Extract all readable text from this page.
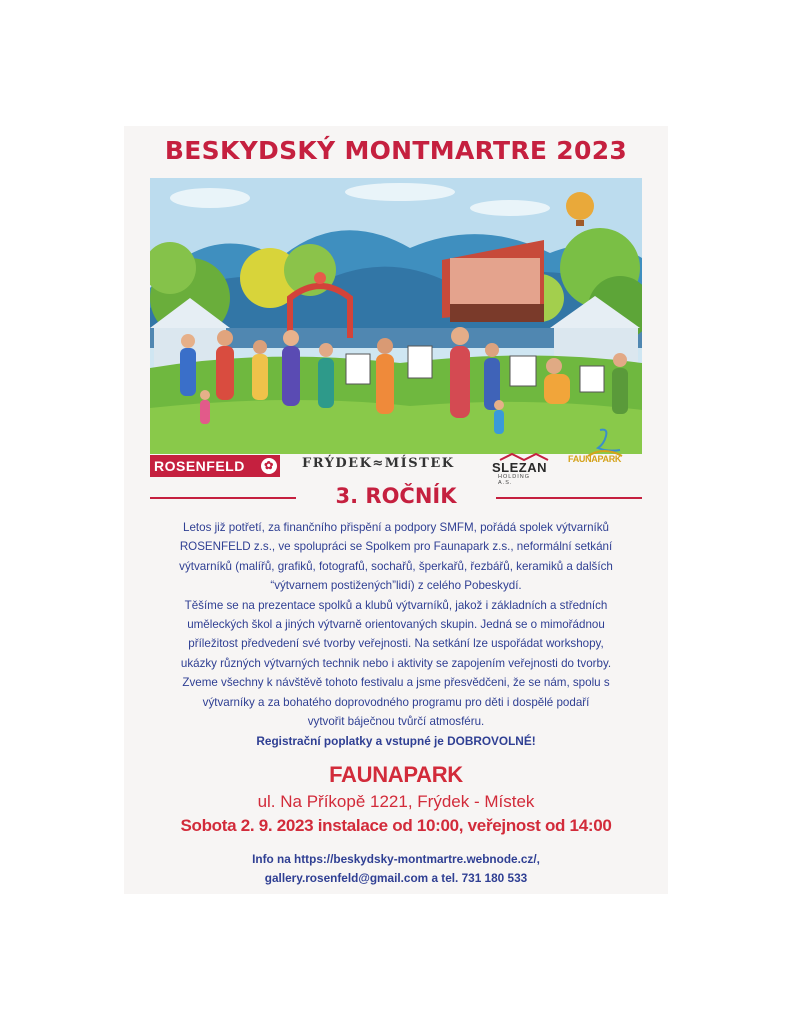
BESKYDSKÝ MONTMARTRE 2023
ROSENFELD ✿ FRÝDEK≈MÍSTEK	SLEZAN
HOLDING A.S.
FAUNAPARK
3. ROČNÍK

Letos již potřetí, za finančního přispění a podpory SMFM, pořádá spolek výtvarníků

ROSENFELD z.s., ve spolupráci se Spolkem pro Faunapark z.s., neformální setkání

výtvarníků (malířů, grafiků, fotografů, sochařů, šperkařů, řezbářů, keramiků a dalších

“výtvarnem postižených”lidí) z celého Pobeskydí.

Těšíme se na prezentace spolků a klubů výtvarníků, jakož i základních a středních

uměleckých škol a jiných výtvarně orientovaných skupin. Jedná se o mimořádnou

příležitost předvedení své tvorby veřejnosti. Na setkání lze uspořádat workshopy,

ukázky různých výtvarných technik nebo i aktivity se zapojením veřejnosti do tvorby.

Zveme všechny k návštěvě tohoto festivalu a jsme přesvědčeni, že se nám, spolu s

výtvarníky a za bohatého doprovodného programu pro děti i dospělé podaří

vytvořit báječnou tvůrčí atmosféru.

Registrační poplatky a vstupné je DOBROVOLNÉ!
FAUNAPARK
ul. Na Příkopě 1221, Frýdek - Místek
Sobota 2. 9. 2023 instalace od 10:00, veřejnost od 14:00
Info na https://beskydsky-montmartre.webnode.cz/,
gallery.rosenfeld@gmail.com a tel. 731 180 533
